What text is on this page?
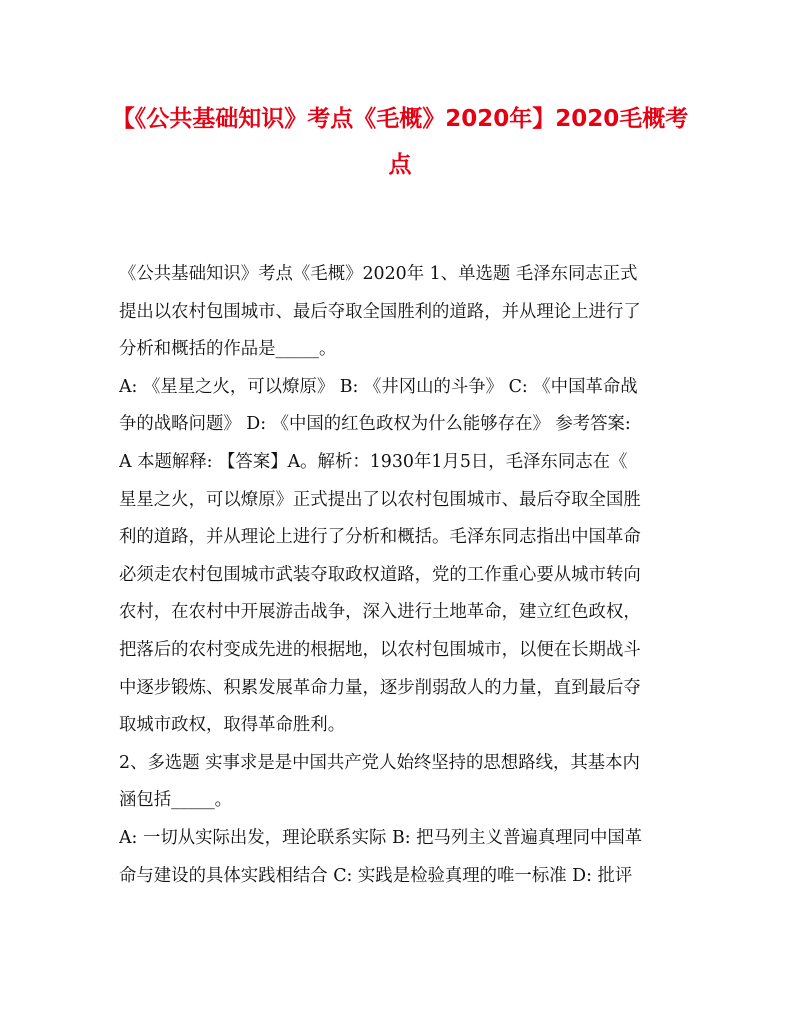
【《公共基础知识》考点《毛概》2020年】2020毛概考点
《公共基础知识》考点《毛概》2020年 1、单选题 毛泽东同志正式
提出以农村包围城市、最后夺取全国胜利的道路，并从理论上进行了
分析和概括的作品是_____。
A: 《星星之火，可以燎原》 B: 《井冈山的斗争》 C: 《中国革命战
争的战略问题》 D: 《中国的红色政权为什么能够存在》 参考答案:
A 本题解释: 【答案】A。解析：1930年1月5日，毛泽东同志在《
星星之火，可以燎原》正式提出了以农村包围城市、最后夺取全国胜
利的道路，并从理论上进行了分析和概括。毛泽东同志指出中国革命
必须走农村包围城市武装夺取政权道路，党的工作重心要从城市转向
农村，在农村中开展游击战争，深入进行土地革命，建立红色政权，
把落后的农村变成先进的根据地，以农村包围城市，以便在长期战斗
中逐步锻炼、积累发展革命力量，逐步削弱敌人的力量，直到最后夺
取城市政权，取得革命胜利。
2、多选题 实事求是是中国共产党人始终坚持的思想路线，其基本内
涵包括_____。
A: 一切从实际出发，理论联系实际 B: 把马列主义普遍真理同中国革
命与建设的具体实践相结合 C: 实践是检验真理的唯一标准 D: 批评
